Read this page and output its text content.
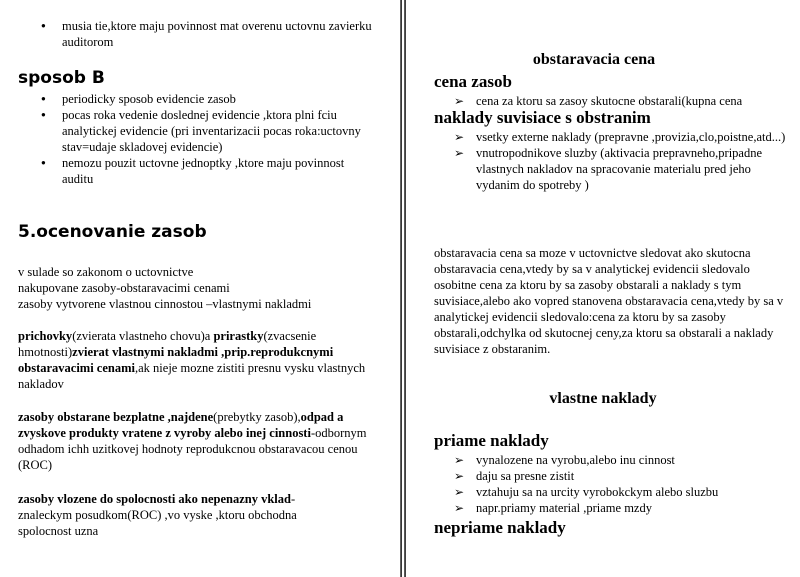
● musia tie,ktore maju povinnost mat overenu uctovnu zavierku auditorom
sposob B
● periodicky sposob evidencie zasob
● pocas roka vedenie doslednej evidencie ,ktora plni fciu analytickej evidencie (pri inventarizacii pocas roka:uctovny stav=udaje skladovej evidencie)
● nemozu pouzit uctovne jednoptky ,ktore maju povinnost auditu
5.ocenovanie zasob
v sulade so zakonom o uctovnictve
nakupovane zasoby-obstaravacimi cenami
zasoby vytvorene vlastnou cinnostou –vlastnymi nakladmi
prichovky(zvierata vlastneho chovu)a prirastky(zvacsenie hmotnosti)zvierat vlastnymi nakladmi ,prip.reprodukcnymi obstaravacimi cenami,ak nieje mozne zistiti presnu vysku vlastnych nakladov
zasoby obstarane bezplatne ,najdene(prebytky zasob),odpad a zvyskove produkty vratene z vyroby alebo inej cinnosti-odbornym odhadom ichh uzitkovej hodnoty reprodukcnou obstaravacou cenou (ROC)
zasoby vlozene do spolocnosti ako nepenazny vklad-znaleckym posudkom(ROC) ,vo vyske ,ktoru obchodna spolocnost uzna
obstaravacia cena
cena zasob
➢ cena za ktoru sa zasoy skutocne obstarali(kupna cena
naklady suvisiace s obstranim
➢ vsetky externe naklady (prepravne ,provizia,clo,poistne,atd...)
➢ vnutropodnikove sluzby (aktivacia prepravneho,pripadne vlastnych nakladov na spracovanie materialu pred jeho vydanim do spotreby )
obstaravacia cena sa moze v uctovnictve sledovat ako skutocna obstaravacia cena,vtedy by sa v analytickej evidencii sledovalo osobitne cena za ktoru by sa zasoby obstarali a naklady s tym suvisiace,alebo ako vopred stanovena obstaravacia cena,vtedy by sa v analytickej evidencii sledovalo:cena za ktoru by sa zasoby obstarali,odchylka od skutocnej ceny,za ktoru sa obstarali a naklady suvisiace z obstaranim.
vlastne naklady
priame naklady
➢ vynalozene na vyrobu,alebo inu cinnost
➢ daju sa presne zistit
➢ vztahuju sa na urcity vyrobokckym alebo sluzbu
➢ napr.priamy material ,priame mzdy
nepriame naklady
